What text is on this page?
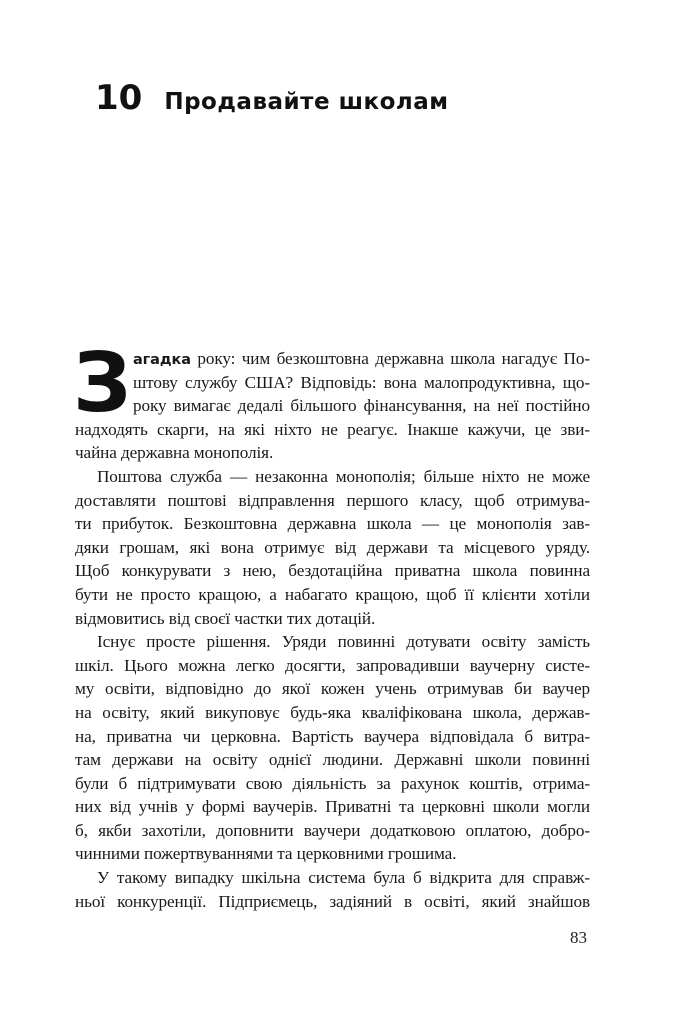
10 Продавайте школам
З агадка року: чим безкоштовна державна школа нагадує По-
штову службу США? Відповідь: вона малопродуктивна, що-
року вимагає дедалі більшого фінансування, на неї постійно
надходять скарги, на які ніхто не реагує. Інакше кажучи, це зви-
чайна державна монополія.
Поштова служба — незаконна монополія; більше ніхто не може
доставляти поштові відправлення першого класу, щоб отримува-
ти прибуток. Безкоштовна державна школа — це монополія зав-
дяки грошам, які вона отримує від держави та місцевого уряду.
Щоб конкурувати з нею, бездотаційна приватна школа повинна
бути не просто кращою, а набагато кращою, щоб її клієнти хотіли
відмовитись від своєї частки тих дотацій.
Існує просте рішення. Уряди повинні дотувати освіту замість
шкіл. Цього можна легко досягти, запровадивши ваучерну систе-
му освіти, відповідно до якої кожен учень отримував би ваучер
на освіту, який викуповує будь-яка кваліфікована школа, держав-
на, приватна чи церковна. Вартість ваучера відповідала б витра-
там держави на освіту однієї людини. Державні школи повинні
були б підтримувати свою діяльність за рахунок коштів, отрима-
них від учнів у формі ваучерів. Приватні та церковні школи могли
б, якби захотіли, доповнити ваучери додатковою оплатою, добро-
чинними пожертвуваннями та церковними грошима.
У такому випадку шкільна система була б відкрита для справж-
ньої конкуренції. Підприємець, задіяний в освіті, який знайшов
83
